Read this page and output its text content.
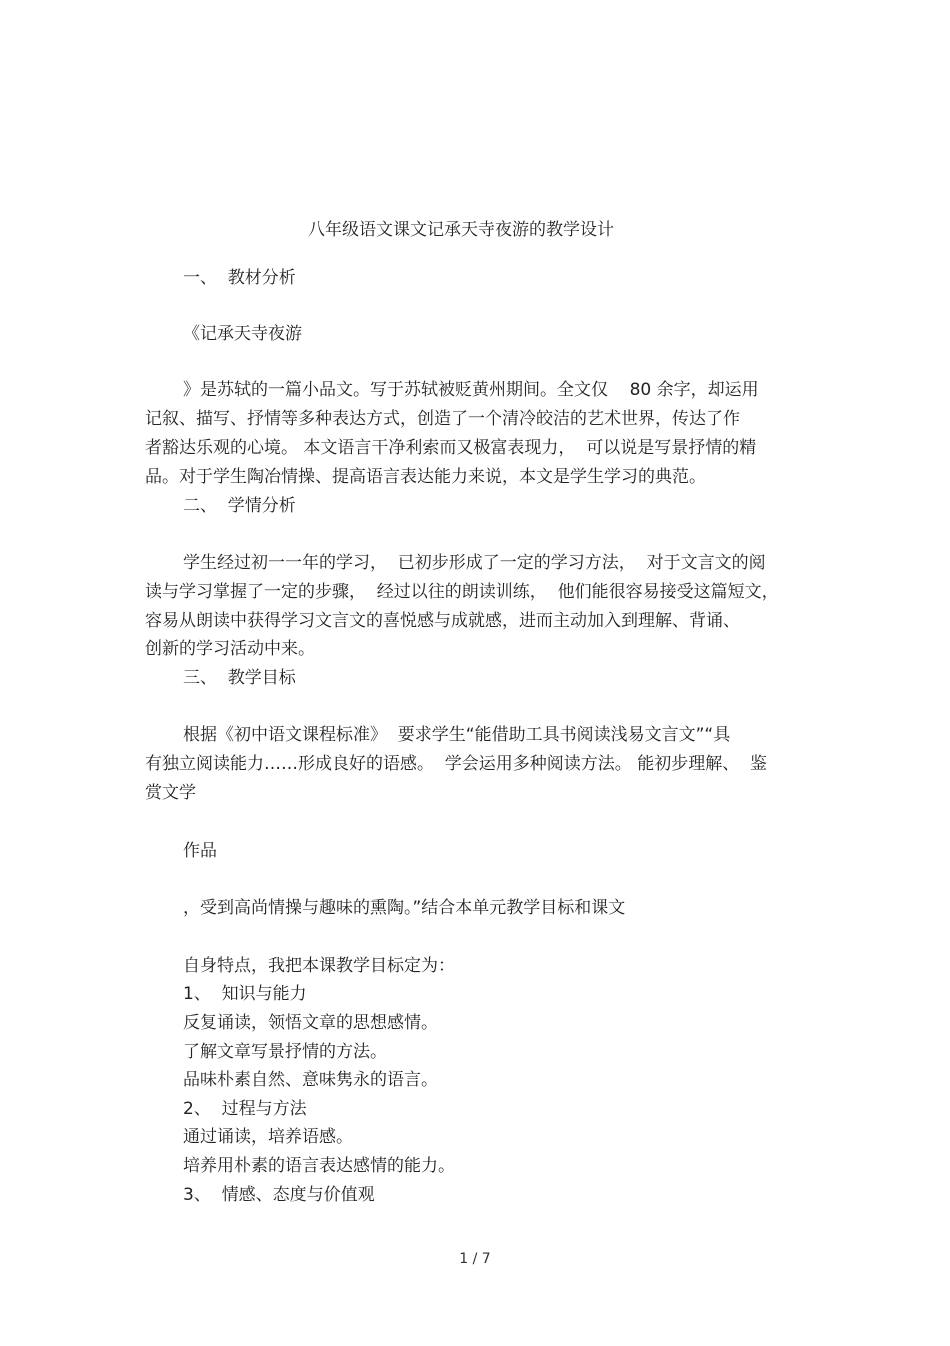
八年级语文课文记承天寺夜游的教学设计

一、  教材分析

《记承天寺夜游

》是苏轼的一篇小品文。写于苏轼被贬黄州期间。全文仅    80 余字，却运用

记叙、描写、抒情等多种表达方式，创造了一个清冷皎洁的艺术世界，传达了作

者豁达乐观的心境。 本文语言干净利索而又极富表现力，  可以说是写景抒情的精

品。对于学生陶冶情操、提高语言表达能力来说，本文是学生学习的典范。

二、  学情分析

学生经过初一一年的学习，  已初步形成了一定的学习方法，  对于文言文的阅

读与学习掌握了一定的步骤，  经过以往的朗读训练，  他们能很容易接受这篇短文，

容易从朗读中获得学习文言文的喜悦感与成就感，进而主动加入到理解、背诵、

创新的学习活动中来。

三、  教学目标

根据《初中语文课程标准》  要求学生“能借助工具书阅读浅易文言文”“具

有独立阅读能力……形成良好的语感。  学会运用多种阅读方法。 能初步理解、  鉴

赏文学

作品

，受到高尚情操与趣味的熏陶。”结合本单元教学目标和课文

自身特点，我把本课教学目标定为：

1、  知识与能力

反复诵读，领悟文章的思想感情。

了解文章写景抒情的方法。

品味朴素自然、意味隽永的语言。

2、  过程与方法

通过诵读，培养语感。

培养用朴素的语言表达感情的能力。

3、  情感、态度与价值观

1 / 7
